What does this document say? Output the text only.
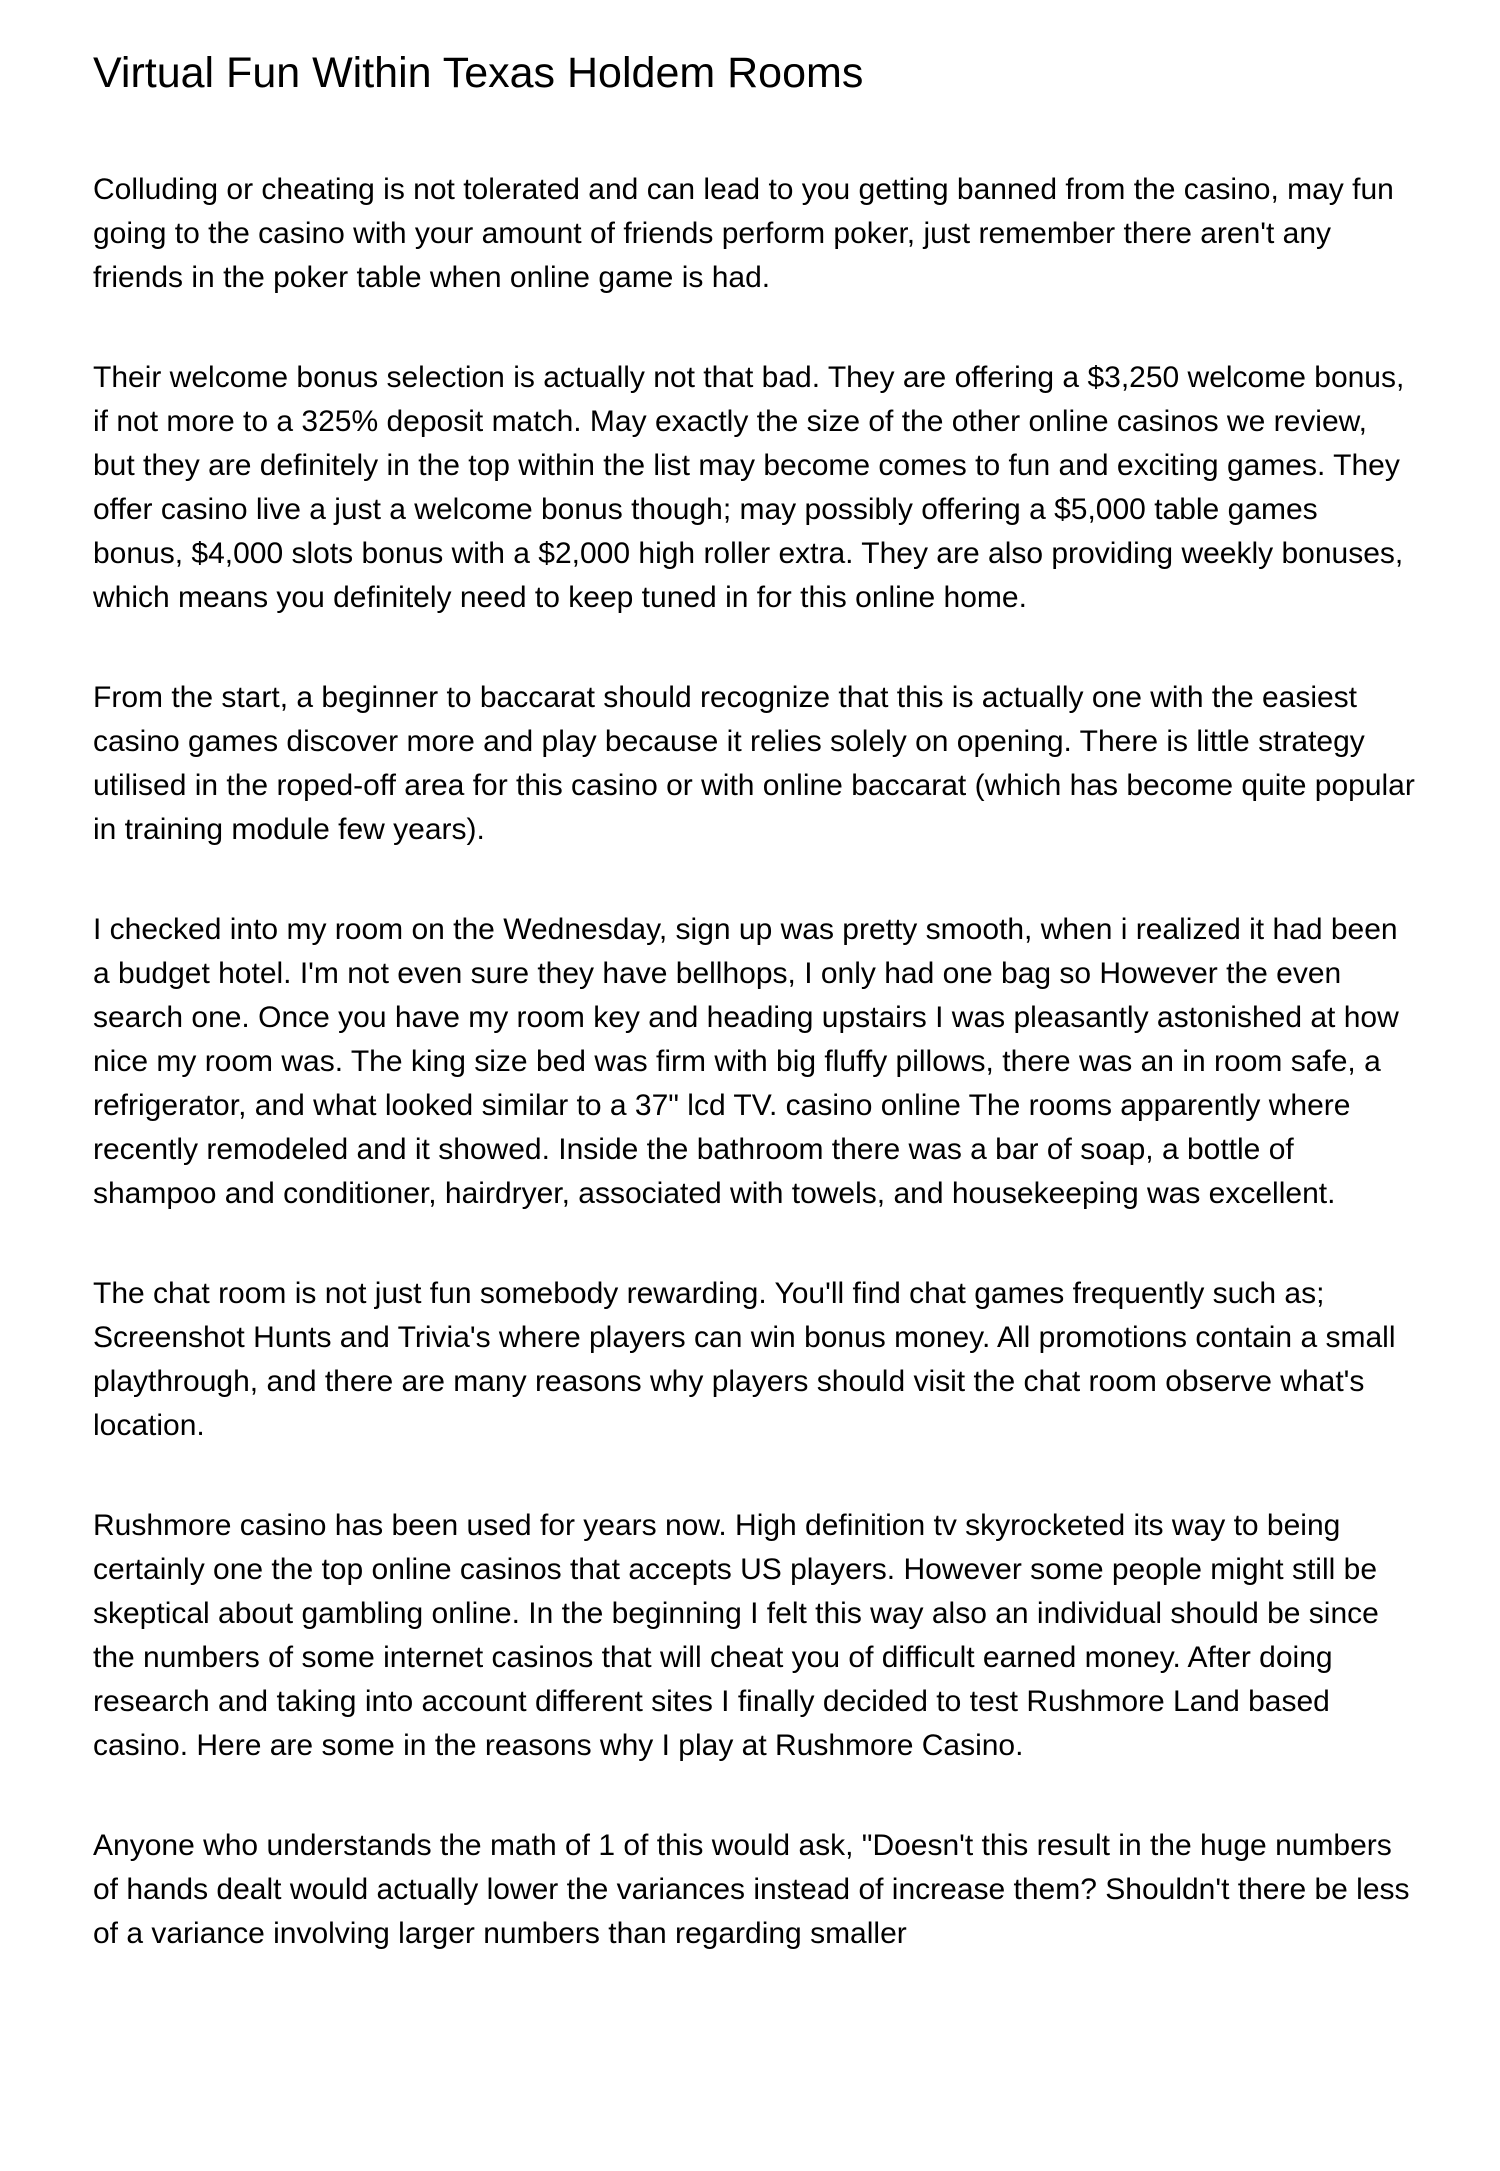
Virtual Fun Within Texas Holdem Rooms

Colluding or cheating is not tolerated and can lead to you getting banned from the casino, may fun going to the casino with your amount of friends perform poker, just remember there aren't any friends in the poker table when online game is had.

Their welcome bonus selection is actually not that bad. They are offering a $3,250 welcome bonus, if not more to a 325% deposit match. May exactly the size of the other online casinos we review, but they are definitely in the top within the list may become comes to fun and exciting games. They offer casino live a just a welcome bonus though; may possibly offering a $5,000 table games bonus, $4,000 slots bonus with a $2,000 high roller extra. They are also providing weekly bonuses, which means you definitely need to keep tuned in for this online home.

From the start, a beginner to baccarat should recognize that this is actually one with the easiest casino games discover more and play because it relies solely on opening. There is little strategy utilised in the roped-off area for this casino or with online baccarat (which has become quite popular in training module few years).

I checked into my room on the Wednesday, sign up was pretty smooth, when i realized it had been a budget hotel. I'm not even sure they have bellhops, I only had one bag so However the even search one. Once you have my room key and heading upstairs I was pleasantly astonished at how nice my room was. The king size bed was firm with big fluffy pillows, there was an in room safe, a refrigerator, and what looked similar to a 37" lcd TV. casino online The rooms apparently where recently remodeled and it showed. Inside the bathroom there was a bar of soap, a bottle of shampoo and conditioner, hairdryer, associated with towels, and housekeeping was excellent.

The chat room is not just fun somebody rewarding. You'll find chat games frequently such as; Screenshot Hunts and Trivia's where players can win bonus money. All promotions contain a small playthrough, and there are many reasons why players should visit the chat room observe what's location.

Rushmore casino has been used for years now. High definition tv skyrocketed its way to being certainly one the top online casinos that accepts US players. However some people might still be skeptical about gambling online. In the beginning I felt this way also an individual should be since the numbers of some internet casinos that will cheat you of difficult earned money. After doing research and taking into account different sites I finally decided to test Rushmore Land based casino. Here are some in the reasons why I play at Rushmore Casino.

Anyone who understands the math of 1 of this would ask, "Doesn't this result in the huge numbers of hands dealt would actually lower the variances instead of increase them? Shouldn't there be less of a variance involving larger numbers than regarding smaller
